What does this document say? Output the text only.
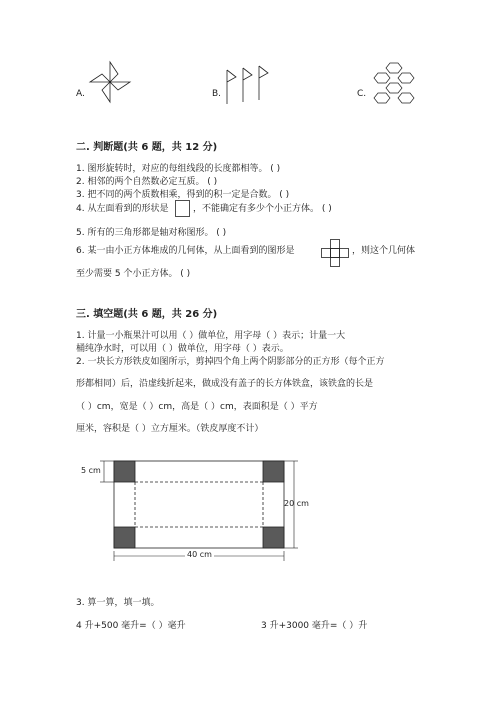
A.	B.	C.
二. 判断题(共 6 题，共 12 分)
1. 图形旋转时，对应的每组线段的长度都相等。 ( )
2. 相邻的两个自然数必定互质。 ( )
3. 把不同的两个质数相乘，得到的积一定是合数。 ( )
4. 从左面看到的形状是	，不能确定有多少个小正方体。 ( )
5. 所有的三角形都是轴对称图形。 ( )
6. 某一由小正方体堆成的几何体，从上面看到的图形是	，则这个几何体
至少需要 5 个小正方体。 ( )
三. 填空题(共 6 题，共 26 分)
1. 计量一小瓶果汁可以用（ ）做单位，用字母（ ）表示；计量一大
桶纯净水时，可以用（ ）做单位，用字母（ ）表示。
2. 一块长方形铁皮如图所示，剪掉四个角上两个阴影部分的正方形（每个正方
形都相同）后，沿虚线折起来，做成没有盖子的长方体铁盒，该铁盒的长是
（ ）cm，宽是（ ）cm，高是（ ）cm，表面积是（ ）平方
厘米，容积是（ ）立方厘米。（铁皮厚度不计）
5 cm
20 cm
40 cm
3. 算一算，填一填。
4 升+500 毫升=（ ）毫升	3 升+3000 毫升=（ ）升
